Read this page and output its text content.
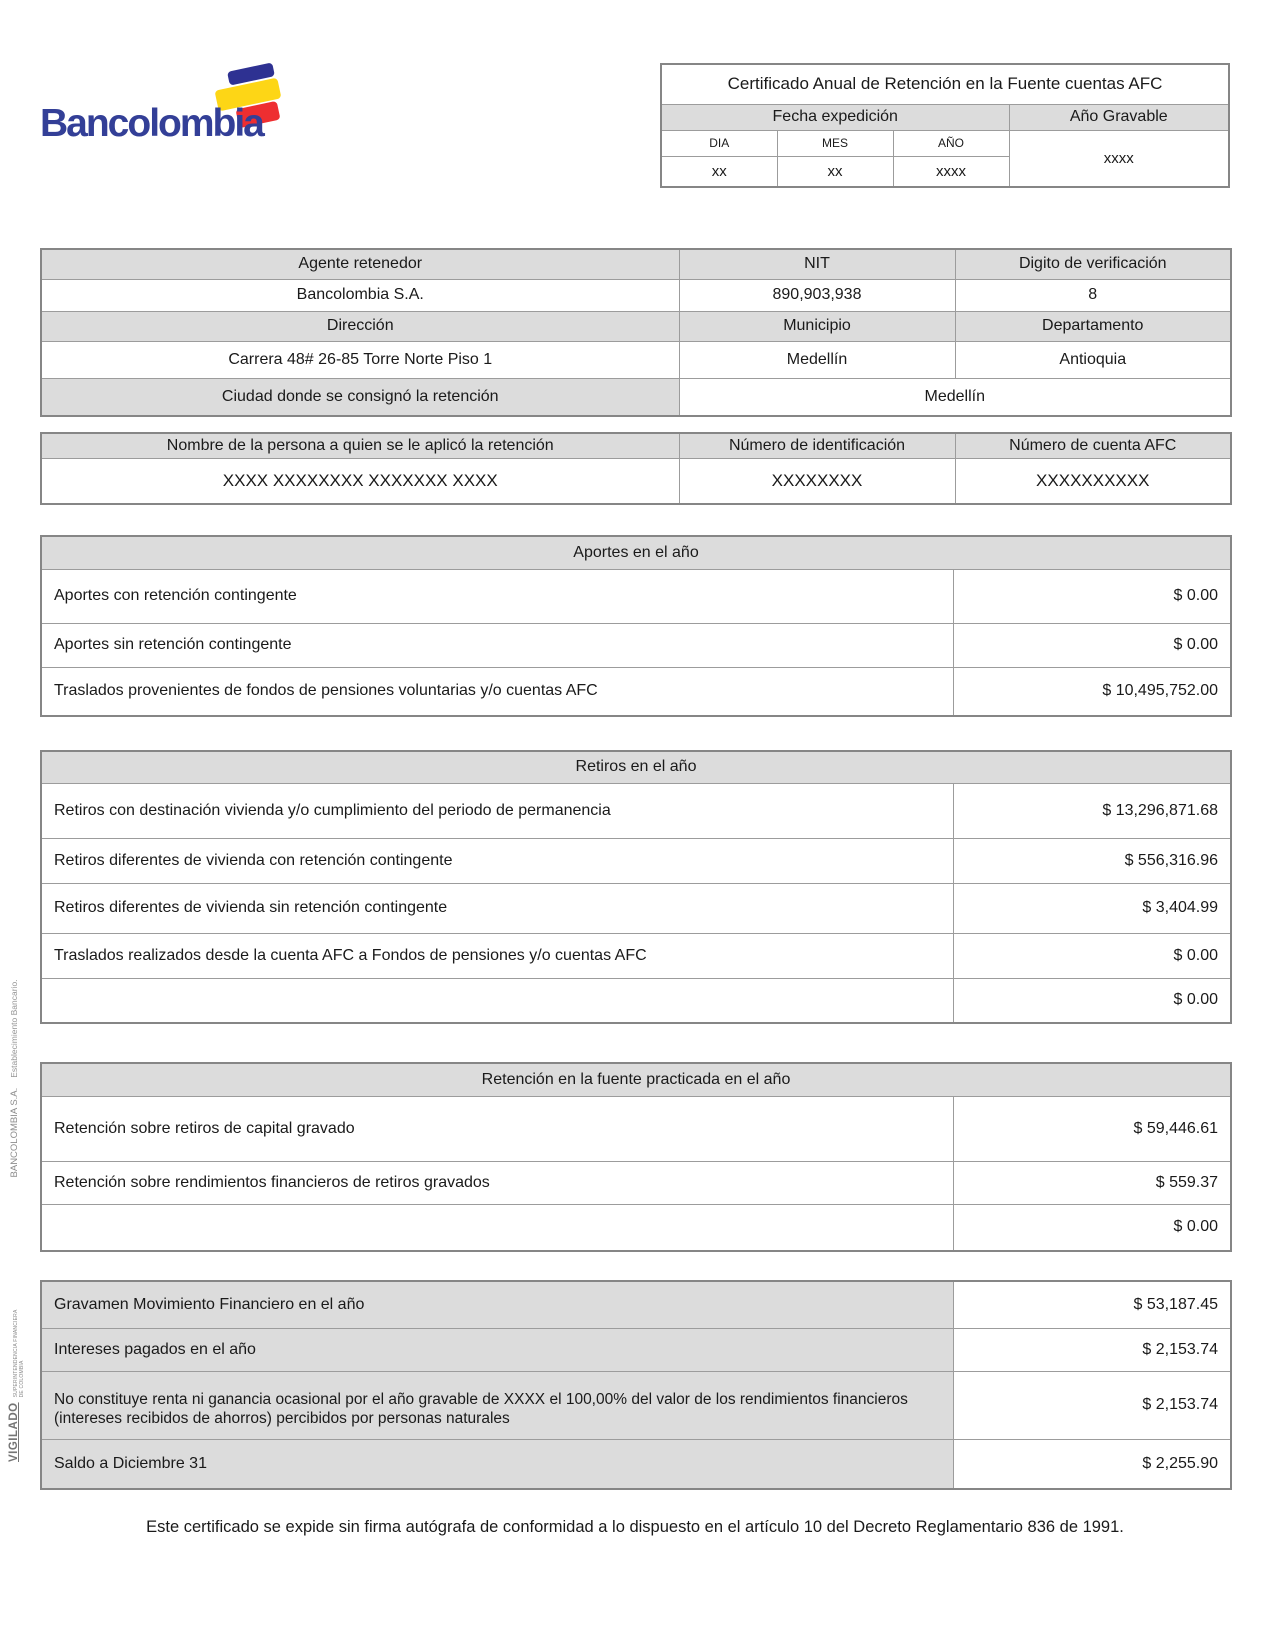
Bancolombia
Certificado Anual de Retención en la Fuente cuentas AFC			
Fecha expedición			Año Gravable
DIA	MES	AÑO	xxxx
xx	xx	xxxx	
Agente retenedor	NIT	Digito de verificación
Bancolombia S.A.	890,903,938	8
Dirección	Municipio	Departamento
Carrera 48# 26-85 Torre Norte Piso 1	Medellín	Antioquia
Ciudad donde se consignó la retención	Medellín	
Nombre de la persona a quien se le aplicó la retención	Número de identificación	Número de cuenta AFC
XXXX XXXXXXXX XXXXXXX XXXX	XXXXXXXX	XXXXXXXXXX
Aportes en el año	
Aportes con retención contingente	$ 0.00
Aportes sin retención contingente	$ 0.00
Traslados provenientes de fondos de pensiones voluntarias y/o cuentas AFC	$ 10,495,752.00
Retiros en el año	
Retiros con destinación vivienda y/o cumplimiento del periodo de permanencia	$ 13,296,871.68
Retiros diferentes de vivienda con retención contingente	$ 556,316.96
Retiros diferentes de vivienda sin retención contingente	$ 3,404.99
Traslados realizados desde la cuenta AFC a Fondos de pensiones y/o cuentas AFC	$ 0.00
	$ 0.00
Retención en la fuente practicada en el año	
Retención sobre retiros de capital gravado	$ 59,446.61
Retención sobre rendimientos financieros de retiros gravados	$ 559.37
	$ 0.00
Gravamen Movimiento Financiero en el año	$ 53,187.45
Intereses pagados en el año	$ 2,153.74
No constituye renta ni ganancia ocasional por el año gravable de XXXX el 100,00% del valor de los rendimientos financieros (intereses recibidos de ahorros) percibidos por personas naturales	$ 2,153.74
Saldo a Diciembre 31	$ 2,255.90
Este certificado se expide sin firma autógrafa de conformidad a lo dispuesto en el artículo 10 del Decreto Reglamentario 836 de 1991.
VIGILADO
SUPERINTENDENCIA FINANCIERA DE COLOMBIA
BANCOLOMBIA S.A.
Establecimiento Bancario.
